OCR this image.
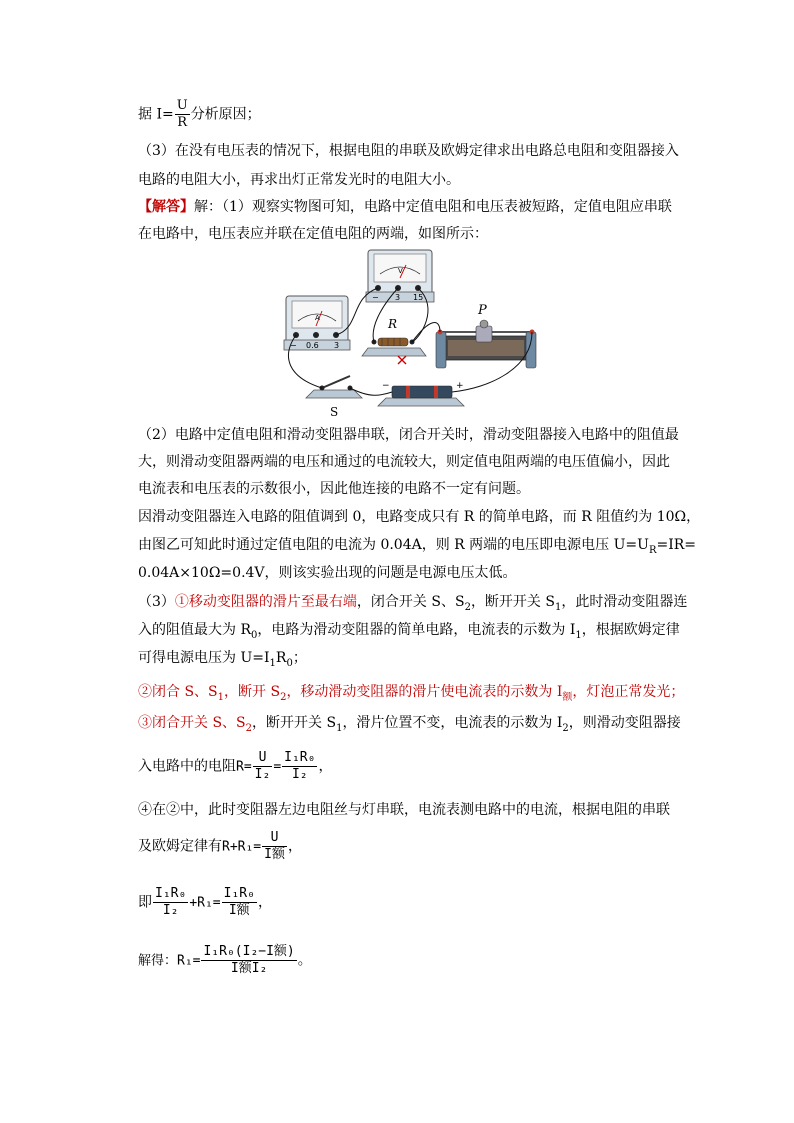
据 $I= \frac{U}{R}$ 分析原因；
（3）在没有电压表的情况下，根据电阻的串联及欧姆定律求出电路总电阻和变阻器接入
电路的电阻大小，再求出灯正常发光时的电阻大小。
【解答】解：（1）观察实物图可知，电路中定值电阻和电压表被短路，定值电阻应串联
在电路中，电压表应并联在定值电阻的两端，如图所示：
V
− 3 15
A
− 0.6 3
R
P
S
−	+
（2）电路中定值电阻和滑动变阻器串联，闭合开关时，滑动变阻器接入电路中的阻值最
大，则滑动变阻器两端的电压和通过的电流较大，则定值电阻两端的电压值偏小，因此
电流表和电压表的示数很小，因此他连接的电路不一定有问题。
因滑动变阻器连入电路的阻值调到 0，电路变成只有 R 的简单电路，而 R 阻值约为 10Ω，
由图乙可知此时通过定值电阻的电流为 0.04A，则 R 两端的电压即电源电压 $U=U_R=IR=$
0.04A×10Ω=0.4V，则该实验出现的问题是电源电压太低。
（3）①移动变阻器的滑片至最右端，闭合开关 S、$S_2$，断开开关 $S_1$，此时滑动变阻器连
入的阻值最大为 $R_0$，电路为滑动变阻器的简单电路，电流表的示数为 $I_1$，根据欧姆定律
可得电源电压为 $U=I_1R_0$；
②闭合 S、$S_1$，断开 $S_2$，移动滑动变阻器的滑片使电流表的示数为 $I_额$，灯泡正常发光；
③闭合开关 S、$S_2$，断开开关 $S_1$，滑片位置不变，电流表的示数为 $I_2$，则滑动变阻器接
入电路中的电阻$R= \frac{U}{\text{I₂}} = \frac{\text{I₁R₀}}{\text{I₂}}$ ，
④在②中，此时变阻器左边电阻丝与灯串联，电流表测电路中的电流，根据电阻的串联
及欧姆定律有$R+R_1= \frac{U}{\text{I额}}$ ，
即 $\frac{\text{I₁R₀}}{\text{I₂}} +R_1= \frac{\text{I₁R₀}}{\text{I额}}$ ，
解得：$R_1= \frac{\text{I₁R₀(I₂−I额)}}{\text{I额I₂}}$ 。
